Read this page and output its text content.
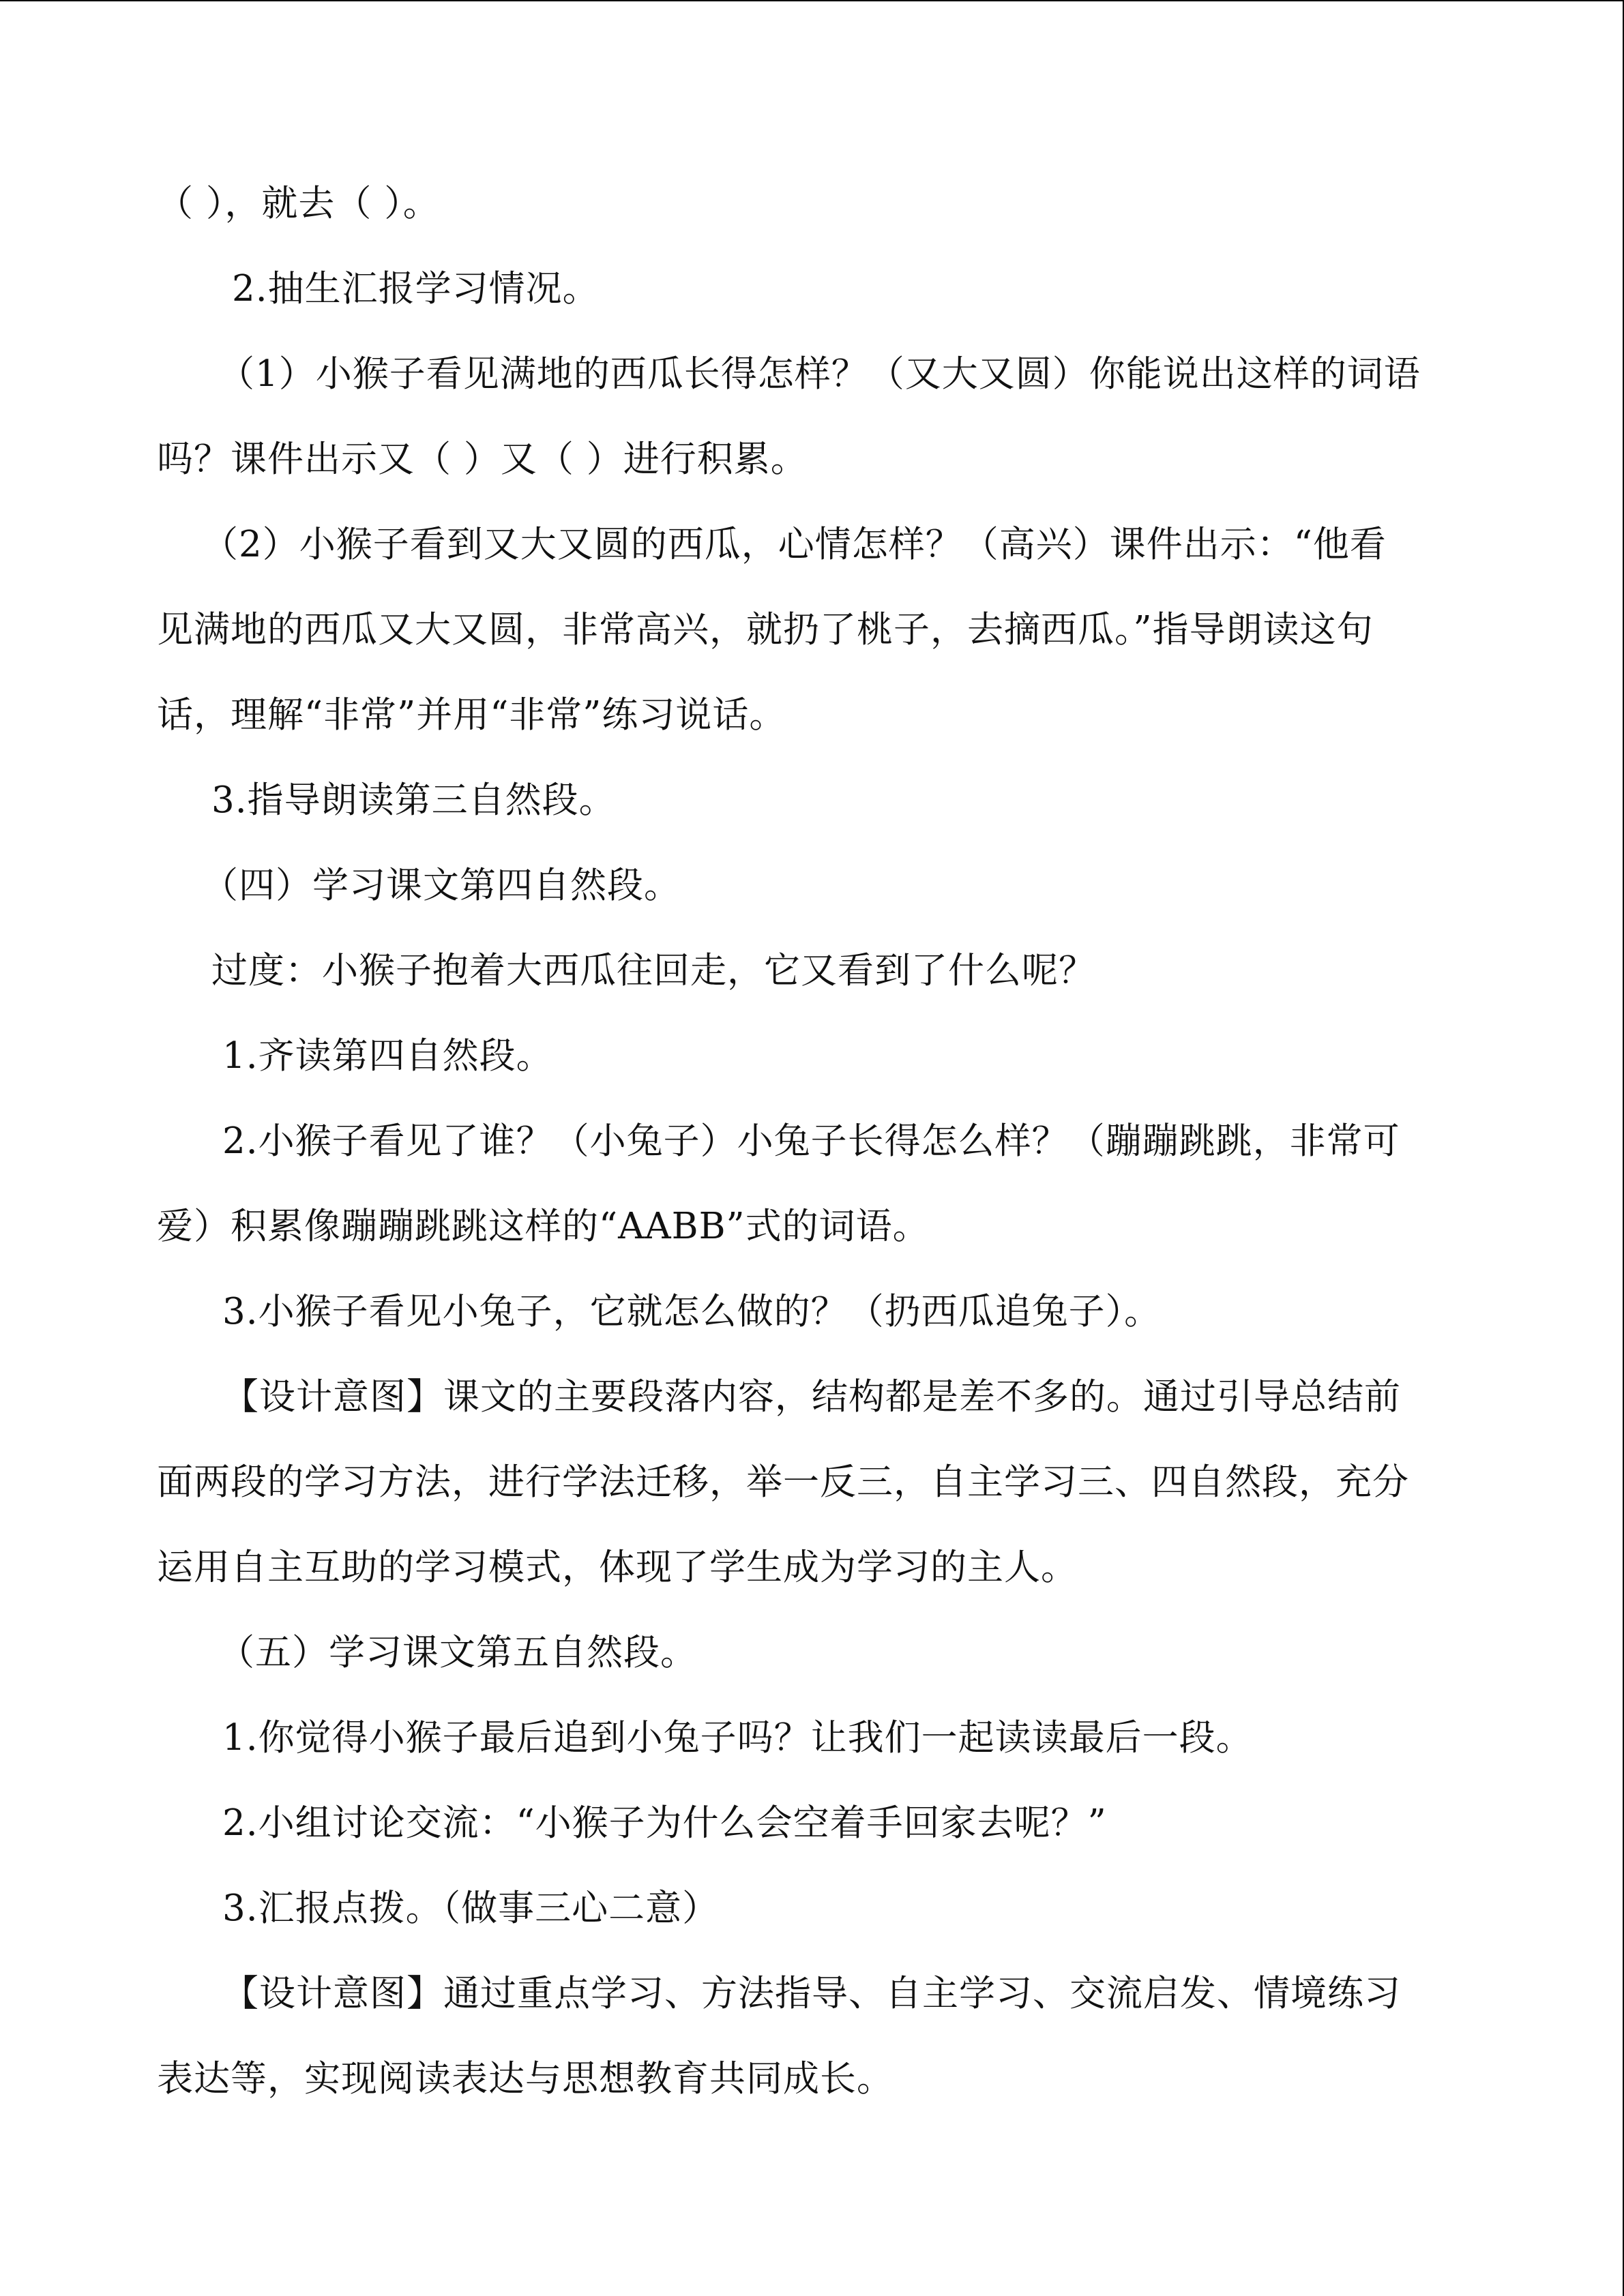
（ ），就去（ ）。

2.抽生汇报学习情况。

（1）小猴子看见满地的西瓜长得怎样？（又大又圆）你能说出这样的词语

吗？课件出示又（ ）又（ ）进行积累。

（2）小猴子看到又大又圆的西瓜，心情怎样？（高兴）课件出示：“他看

见满地的西瓜又大又圆，非常高兴，就扔了桃子，去摘西瓜。”指导朗读这句

话，理解“非常”并用“非常”练习说话。

3.指导朗读第三自然段。

（四）学习课文第四自然段。

过度：小猴子抱着大西瓜往回走，它又看到了什么呢？

1.齐读第四自然段。

2.小猴子看见了谁？（小兔子）小兔子长得怎么样？（蹦蹦跳跳，非常可

爱）积累像蹦蹦跳跳这样的“AABB”式的词语。

3.小猴子看见小兔子，它就怎么做的？（扔西瓜追兔子）。

【设计意图】课文的主要段落内容，结构都是差不多的。通过引导总结前

面两段的学习方法，进行学法迁移，举一反三，自主学习三、四自然段，充分

运用自主互助的学习模式，体现了学生成为学习的主人。

（五）学习课文第五自然段。

1.你觉得小猴子最后追到小兔子吗？让我们一起读读最后一段。

2.小组讨论交流：“小猴子为什么会空着手回家去呢？”

3.汇报点拨。（做事三心二意）

【设计意图】通过重点学习、方法指导、自主学习、交流启发、情境练习

表达等，实现阅读表达与思想教育共同成长。
